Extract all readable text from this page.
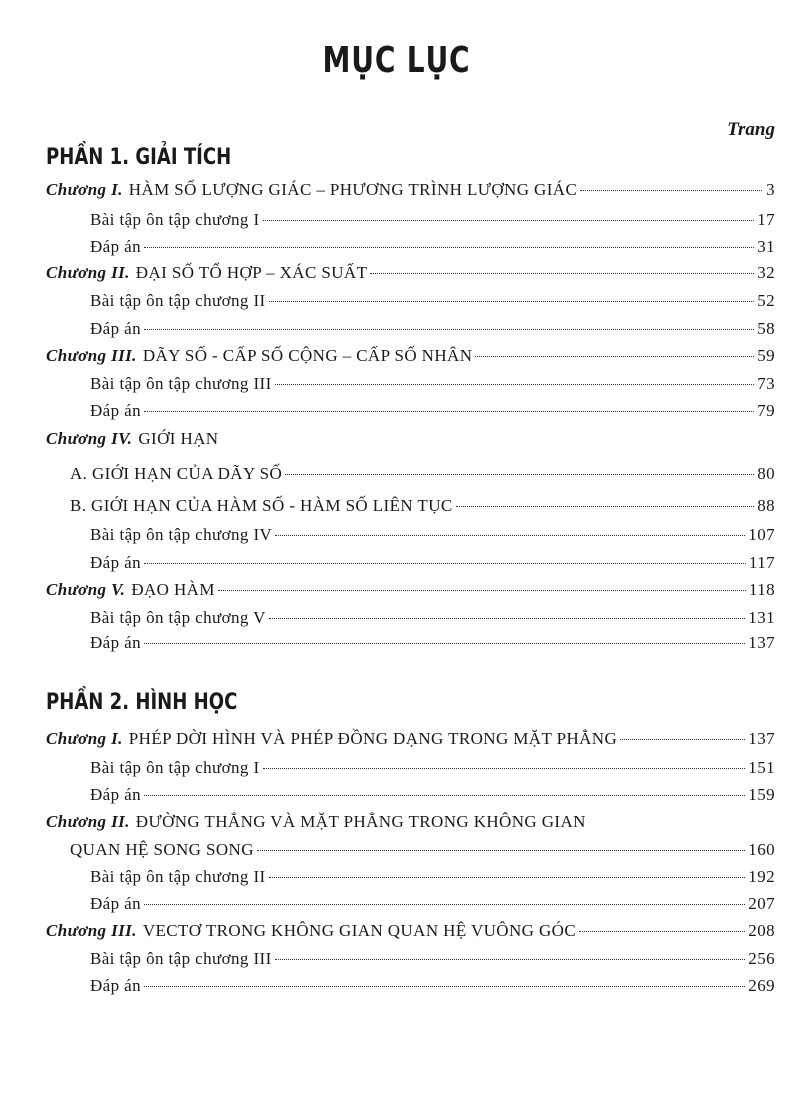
MỤC LỤC
Trang
PHẦN 1. GIẢI TÍCH
Chương I. HÀM SỐ LƯỢNG GIÁC – PHƯƠNG TRÌNH LƯỢNG GIÁC	3
Bài tập ôn tập chương I	17
Đáp án	31
Chương II. ĐẠI SỐ TỔ HỢP – XÁC SUẤT	32
Bài tập ôn tập chương II	52
Đáp án	58
Chương III. DÃY SỐ - CẤP SỐ CỘNG – CẤP SỐ NHÂN	59
Bài tập ôn tập chương III	73
Đáp án	79
Chương IV. GIỚI HẠN
A. GIỚI HẠN CỦA DÃY SỐ	80
B. GIỚI HẠN CỦA HÀM SỐ - HÀM SỐ LIÊN TỤC	88
Bài tập ôn tập chương IV	107
Đáp án	117
Chương V. ĐẠO HÀM	118
Bài tập ôn tập chương V	131
Đáp án	137
PHẦN 2. HÌNH HỌC
Chương I. PHÉP DỜI HÌNH VÀ PHÉP ĐỒNG DẠNG TRONG MẶT PHẲNG	137
Bài tập ôn tập chương I	151
Đáp án	159
Chương II. ĐƯỜNG THẲNG VÀ MẶT PHẲNG TRONG KHÔNG GIAN
QUAN HỆ SONG SONG	160
Bài tập ôn tập chương II	192
Đáp án	207
Chương III. VECTƠ TRONG KHÔNG GIAN QUAN HỆ VUÔNG GÓC	208
Bài tập ôn tập chương III	256
Đáp án	269
